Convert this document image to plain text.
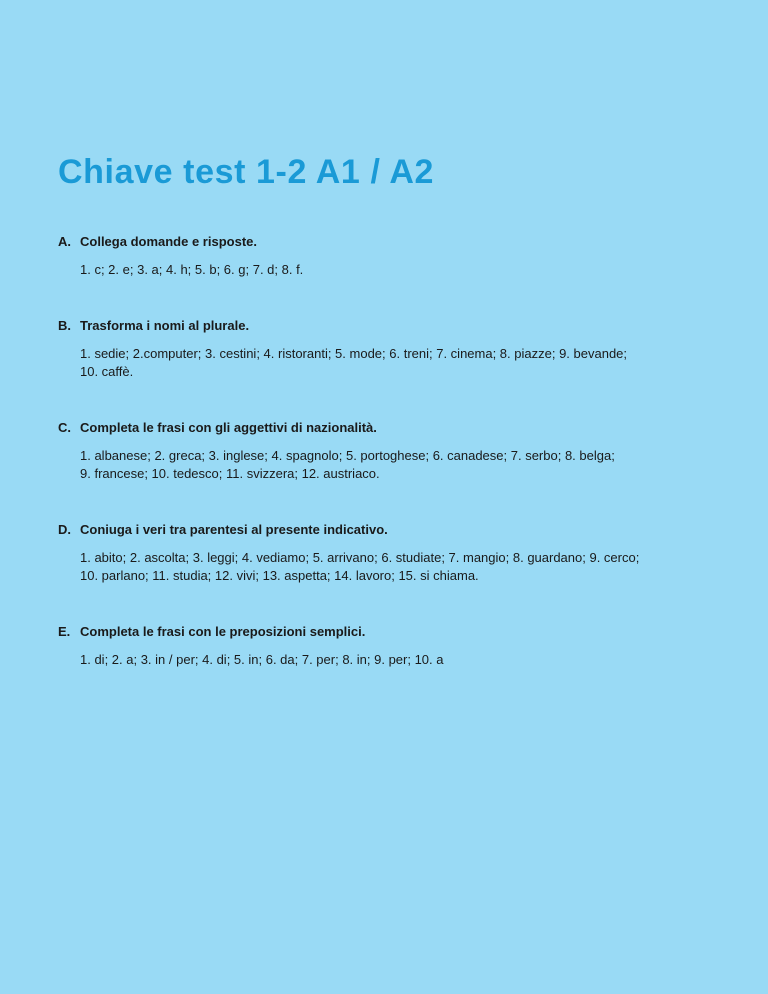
Chiave test 1-2 A1 / A2
A. Collega domande e risposte.
1. c; 2. e; 3. a; 4. h; 5. b; 6. g; 7. d; 8. f.
B. Trasforma i nomi al plurale.
1. sedie; 2.computer; 3. cestini; 4. ristoranti; 5. mode; 6. treni; 7. cinema; 8. piazze; 9. bevande;
10. caffè.
C. Completa le frasi con gli aggettivi di nazionalità.
1. albanese; 2. greca; 3. inglese; 4. spagnolo; 5. portoghese; 6. canadese; 7. serbo; 8. belga;
9. francese; 10. tedesco; 11. svizzera; 12. austriaco.
D. Coniuga i veri tra parentesi al presente indicativo.
1. abito; 2. ascolta; 3. leggi; 4. vediamo; 5. arrivano; 6. studiate; 7. mangio; 8. guardano; 9. cerco;
10. parlano; 11. studia; 12. vivi; 13. aspetta; 14. lavoro; 15. si chiama.
E. Completa le frasi con le preposizioni semplici.
1. di; 2. a; 3. in / per; 4. di; 5. in; 6. da; 7. per; 8. in; 9. per; 10. a
